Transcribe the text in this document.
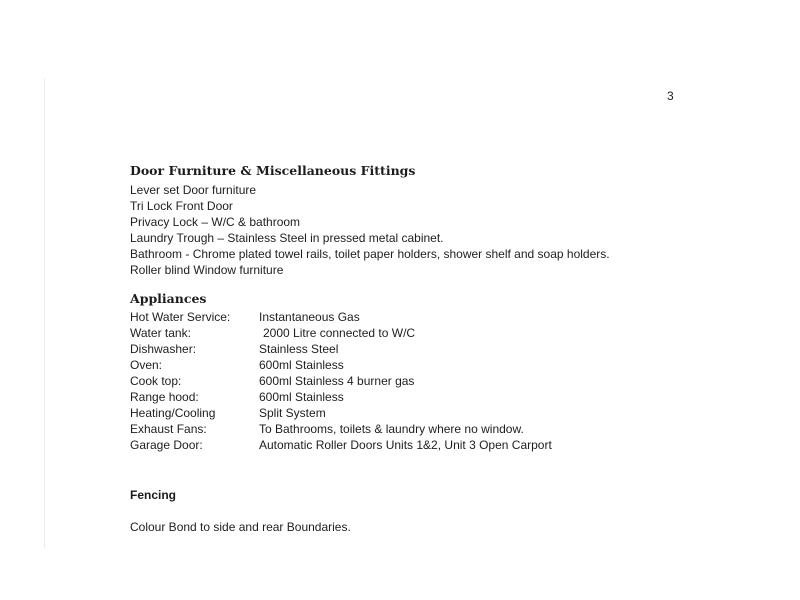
3
Door Furniture & Miscellaneous Fittings
Lever set Door furniture
Tri Lock Front Door
Privacy Lock – W/C & bathroom
Laundry Trough – Stainless Steel in pressed metal cabinet.
Bathroom - Chrome plated towel rails, toilet paper holders, shower shelf and soap holders.
Roller blind Window furniture
Appliances
Hot Water Service: Instantaneous Gas
Water tank:	2000 Litre connected to W/C
Dishwasher:	Stainless Steel
Oven:	600ml Stainless
Cook top:	600ml Stainless 4 burner gas
Range hood:	600ml Stainless
Heating/Cooling	Split System
Exhaust Fans:	To Bathrooms, toilets & laundry where no window.
Garage Door:	Automatic Roller Doors Units 1&2, Unit 3 Open Carport
Fencing
Colour Bond to side and rear Boundaries.
